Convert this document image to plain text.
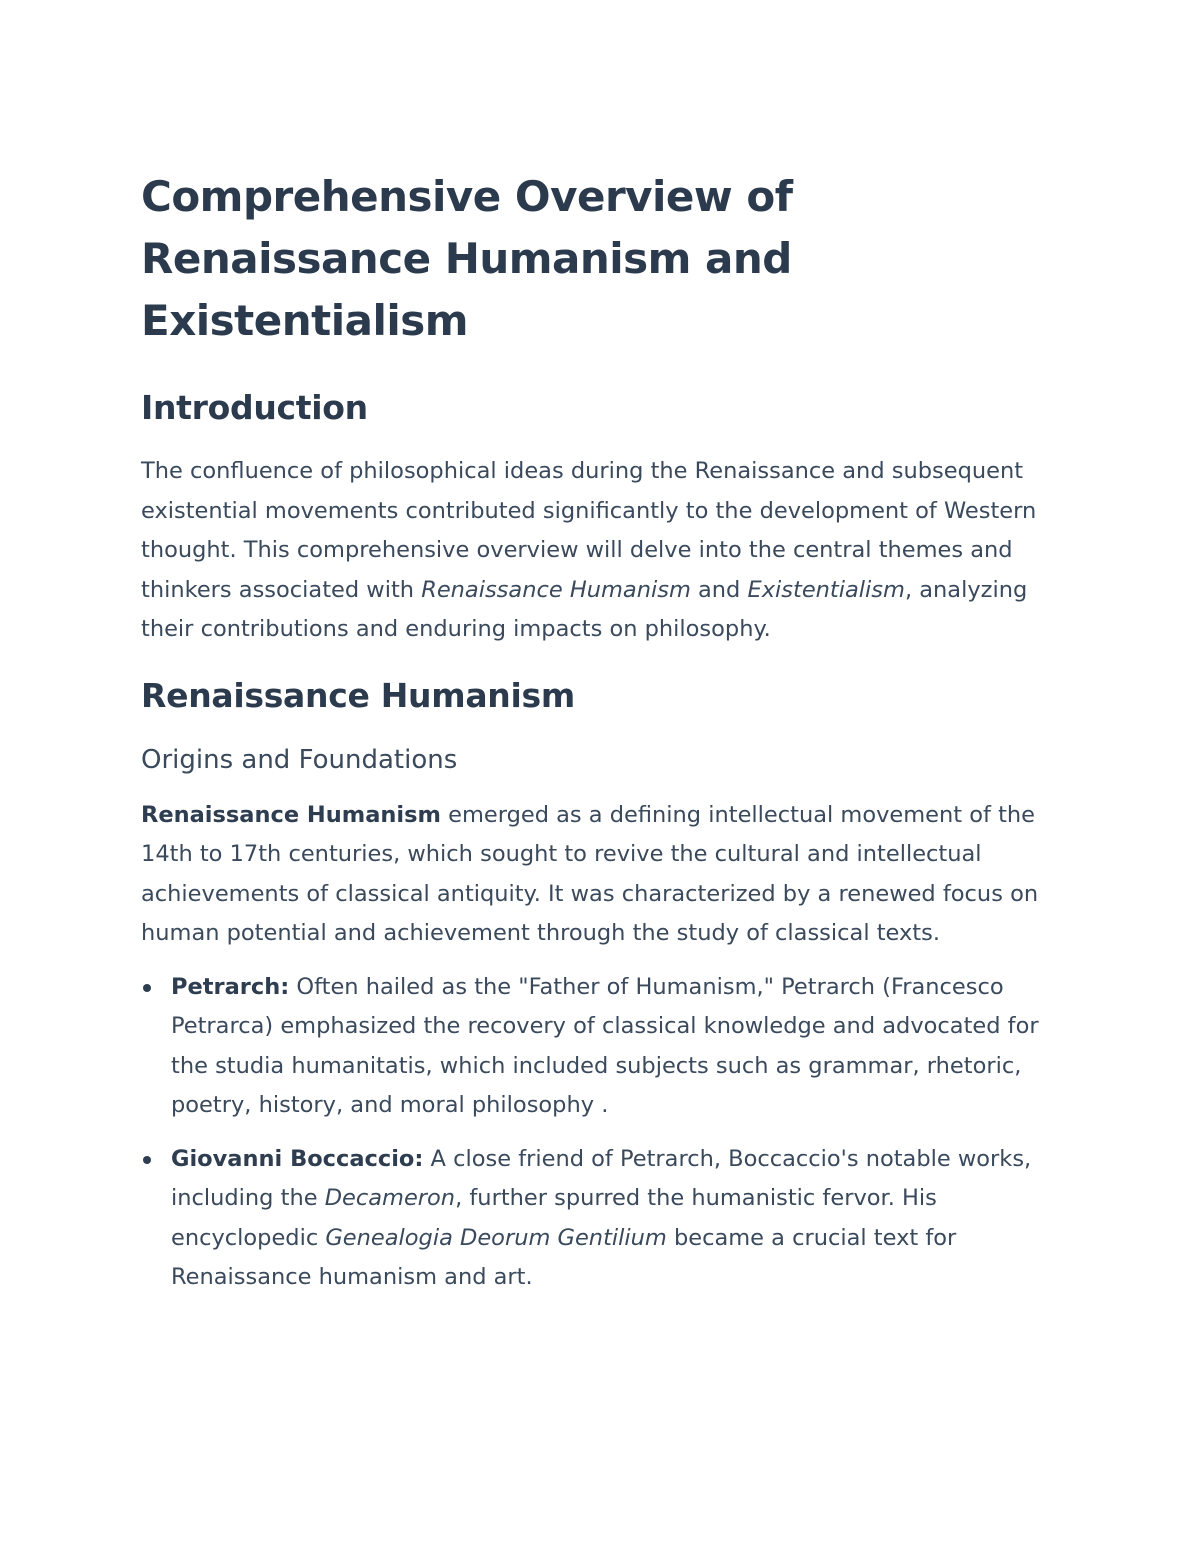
Comprehensive Overview of Renaissance Humanism and Existentialism
Introduction

The confluence of philosophical ideas during the Renaissance and subsequent existential movements contributed significantly to the development of Western thought. This comprehensive overview will delve into the central themes and thinkers associated with Renaissance Humanism and Existentialism, analyzing their contributions and enduring impacts on philosophy.

Renaissance Humanism
Origins and Foundations

Renaissance Humanism emerged as a defining intellectual movement of the 14th to 17th centuries, which sought to revive the cultural and intellectual achievements of classical antiquity. It was characterized by a renewed focus on human potential and achievement through the study of classical texts.

Petrarch: Often hailed as the "Father of Humanism," Petrarch (Francesco Petrarca) emphasized the recovery of classical knowledge and advocated for the studia humanitatis, which included subjects such as grammar, rhetoric, poetry, history, and moral philosophy .
Giovanni Boccaccio: A close friend of Petrarch, Boccaccio's notable works, including the Decameron, further spurred the humanistic fervor. His encyclopedic Genealogia Deorum Gentilium became a crucial text for Renaissance humanism and art.
